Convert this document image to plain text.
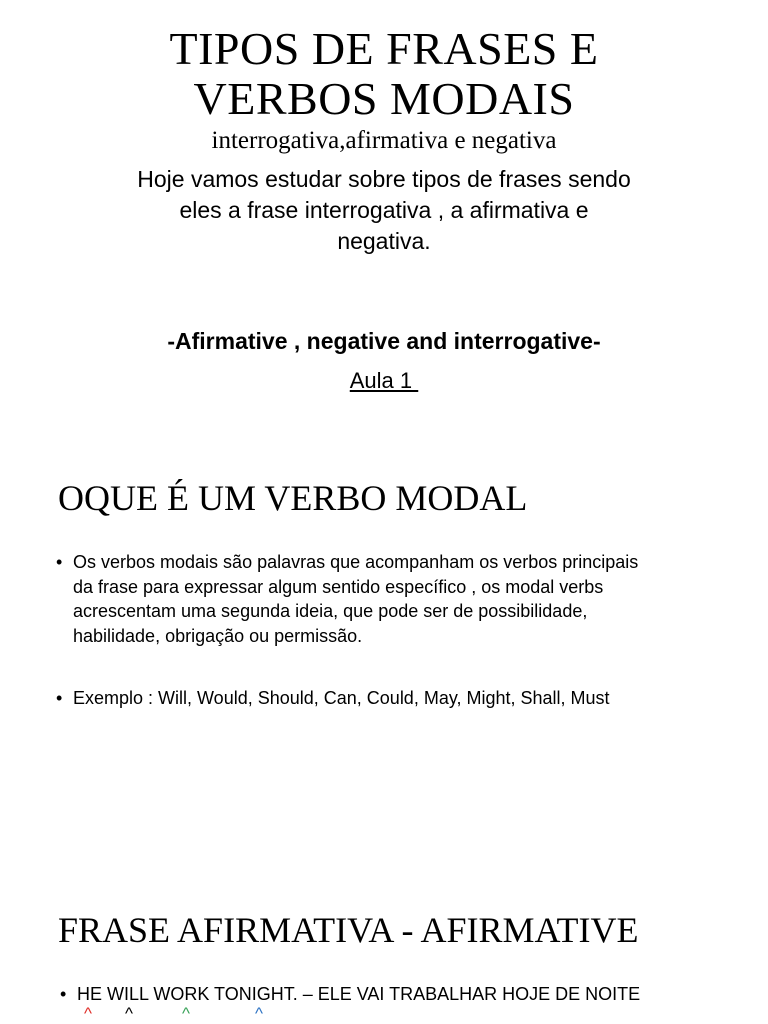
TIPOS DE FRASES E
VERBOS MODAIS
interrogativa,afirmativa e negativa
Hoje vamos estudar sobre tipos de frases sendo
eles a frase interrogativa , a afirmativa e
negativa.
-Afirmative , negative and interrogative-
Aula 1
OQUE É UM VERBO MODAL
• Os verbos modais são palavras que acompanham os verbos principais
da frase para expressar algum sentido específico , os modal verbs
acrescentam uma segunda ideia, que pode ser de possibilidade,
habilidade, obrigação ou permissão.
• Exemplo : Will, Would, Should, Can, Could, May, Might, Shall, Must
FRASE AFIRMATIVA - AFIRMATIVE
• HE WILL WORK TONIGHT. – ELE VAI TRABALHAR HOJE DE NOITE
^ ^	^	^
